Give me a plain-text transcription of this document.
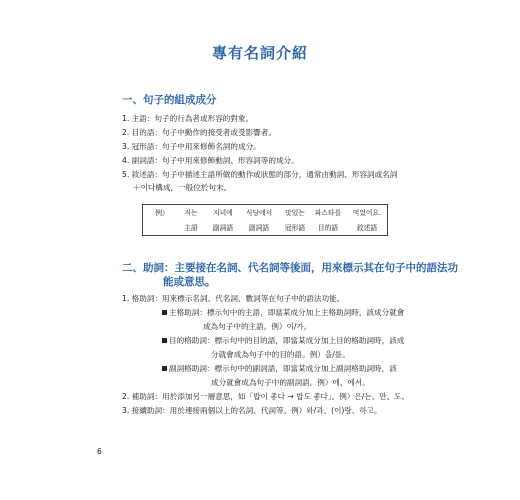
專有名詞介紹
一、句子的組成成分
1. 主語：句子的行為者或形容的對象。
2. 目的語：句子中動作的接受者或受影響者。
3. 冠形語：句子中用來修飾名詞的成分。
4. 副詞語：句子中用來修飾動詞、形容詞等的成分。
5. 敘述語：句子中描述主語所做的動作或狀態的部分，通常由動詞、形容詞或名詞
＋이다構成，一般位於句末。
例） 저는 저녁에 식당에서 맛있는 파스타를 먹었어요.
主語 副詞語 副詞語 冠形語 目的語	敘述語
二、助詞：主要接在名詞、代名詞等後面，用來標示其在句子中的語法功
能或意思。
1. 格助詞：用來標示名詞、代名詞、數詞等在句子中的語法功能。
主格助詞：標示句中的主語，即當某成分加上主格助詞時，該成分就會
成為句子中的主語。例）이/가。
目的格助詞：標示句中的目的語，即當某成分加上目的格助詞時，該成
分就會成為句子中的目的語。例）을/를。
副詞格助詞：標示句中的副詞語，即當某成分加上副詞格助詞時，該
成分就會成為句子中的副詞語。例）에、에서。
2. 補助詞：用於添加另一層意思，如「밥이 좋다 → 밥도 좋다」。例）은/는、만、도。
3. 接續助詞：用於連接兩個以上的名詞、代詞等。例）와/과、(이)랑、하고。
6
